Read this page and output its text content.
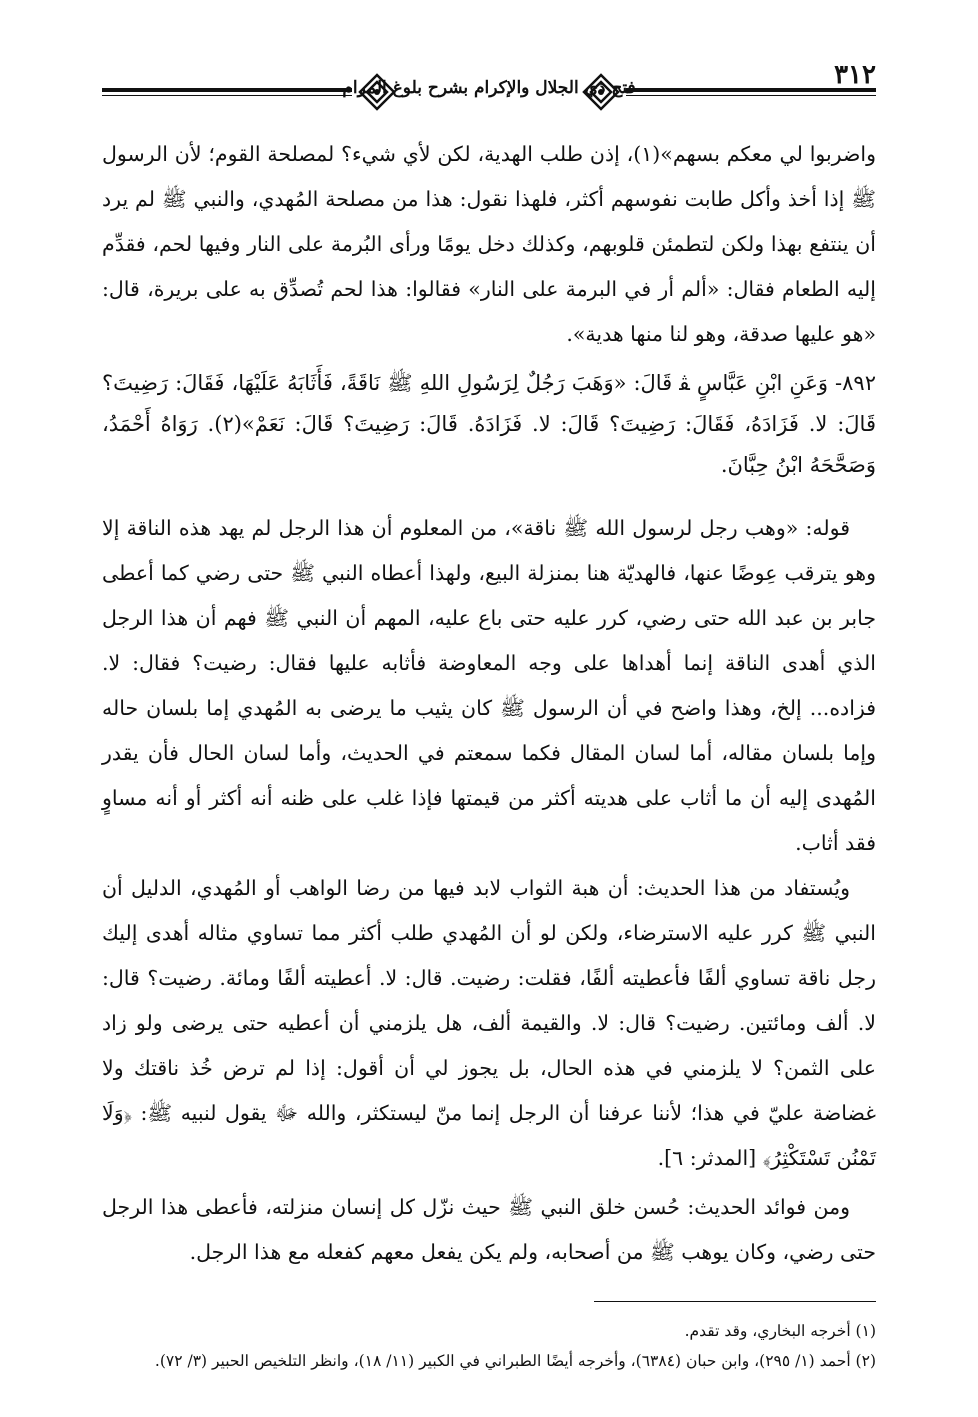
٣١٢
فتح ذي الجلال والإكرام بشرح بلوغ المرام

واضربوا لي معكم بسهم»(١)، إذن طلب الهدية، لكن لأي شيء؟ لمصلحة القوم؛ لأن الرسول ﷺ إذا أخذ وأكل طابت نفوسهم أكثر، فلهذا نقول: هذا من مصلحة المُهدي، والنبي ﷺ لم يرد أن ينتفع بهذا ولكن لتطمئن قلوبهم، وكذلك دخل يومًا ورأى البُرمة على النار وفيها لحم، فقدِّم إليه الطعام فقال: «ألم أر في البرمة على النار» فقالوا: هذا لحم تُصدِّق به على بريرة، قال: «هو عليها صدقة، وهو لنا منها هدية».

٨٩٢- وَعَنِ ابْنِ عَبَّاسٍ ﭭ قَالَ: «وَهَبَ رَجُلٌ لِرَسُولِ اللهِ ﷺ نَاقَةً، فَأَثَابَهُ عَلَيْهَا، فَقَالَ: رَضِيتَ؟ قَالَ: لا. فَزَادَهُ، فَقَالَ: رَضِيتَ؟ قَالَ: لا. فَزَادَهُ. قَالَ: رَضِيتَ؟ قَالَ: نَعَمْ»(٢). رَوَاهُ أَحْمَدُ، وَصَحَّحَهُ ابْنُ حِبَّانَ.

قوله: «وهب رجل لرسول الله ﷺ ناقة»، من المعلوم أن هذا الرجل لم يهد هذه الناقة إلا وهو يترقب عِوضًا عنها، فالهديّة هنا بمنزلة البيع، ولهذا أعطاه النبي ﷺ حتى رضي كما أعطى جابر بن عبد الله حتى رضي، كرر عليه حتى باع عليه، المهم أن النبي ﷺ فهم أن هذا الرجل الذي أهدى الناقة إنما أهداها على وجه المعاوضة فأثابه عليها فقال: رضيت؟ فقال: لا. فزاده... إلخ، وهذا واضح في أن الرسول ﷺ كان يثيب ما يرضى به المُهدي إما بلسان حاله وإما بلسان مقاله، أما لسان المقال فكما سمعتم في الحديث، وأما لسان الحال فأن يقدر المُهدى إليه أن ما أثاب على هديته أكثر من قيمتها فإذا غلب على ظنه أنه أكثر أو أنه مساوٍ فقد أثاب.

ويُستفاد من هذا الحديث: أن هبة الثواب لابد فيها من رضا الواهب أو المُهدي، الدليل أن النبي ﷺ كرر عليه الاسترضاء، ولكن لو أن المُهدي طلب أكثر مما تساوي مثاله أهدى إليك رجل ناقة تساوي ألفًا فأعطيته ألفًا، فقلت: رضيت. قال: لا. أعطيته ألفًا ومائة. رضيت؟ قال: لا. ألف ومائتين. رضيت؟ قال: لا. والقيمة ألف، هل يلزمني أن أعطيه حتى يرضى ولو زاد على الثمن؟ لا يلزمني في هذه الحال، بل يجوز لي أن أقول: إذا لم ترض خُذ ناقتك ولا غضاضة عليّ في هذا؛ لأننا عرفنا أن الرجل إنما منّ ليستكثر، والله ﷻ يقول لنبيه ﷺ: ﴿وَلَا تَمْنُن تَسْتَكْثِرُ﴾ [المدثر: ٦].

ومن فوائد الحديث: حُسن خلق النبي ﷺ حيث نزّل كل إنسان منزلته، فأعطى هذا الرجل حتى رضي، وكان يوهب ﷺ من أصحابه، ولم يكن يفعل معهم كفعله مع هذا الرجل.

(١) أخرجه البخاري، وقد تقدم.

(٢) أحمد (١/ ٢٩٥)، وابن حبان (٦٣٨٤)، وأخرجه أيضًا الطبراني في الكبير (١١/ ١٨)، وانظر التلخيص الحبير (٣/ ٧٢).
